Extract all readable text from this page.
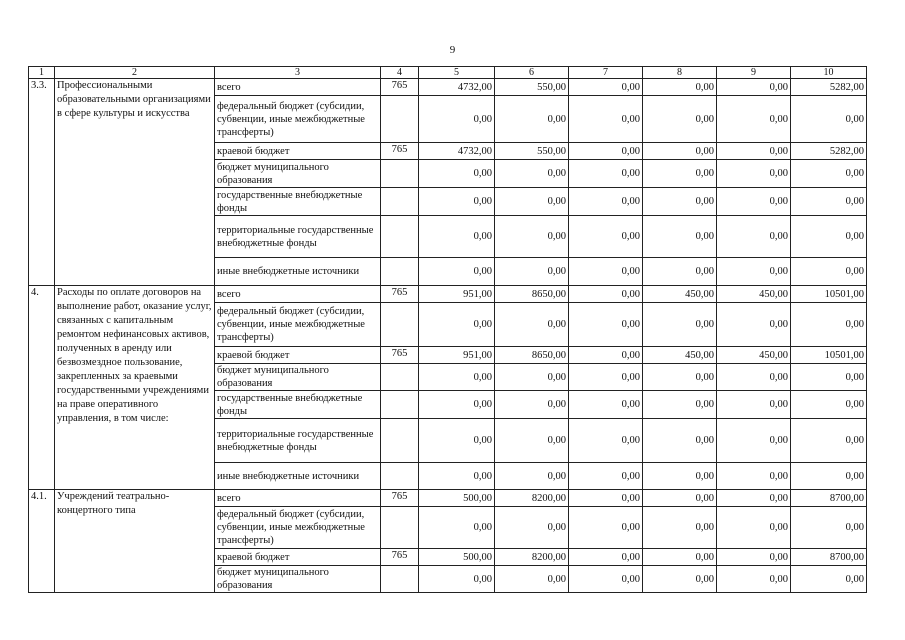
9
1	2	3	4	5	6	7	8	9	10
3.3.	Профессиональными образовательными организациями в сфере культуры и искусства	всего	765	4732,00	550,00	0,00	0,00	0,00	5282,00
		федеральный бюджет (субсидии, субвенции, иные межбюджетные трансферты)		0,00	0,00	0,00	0,00	0,00	0,00
		краевой бюджет	765	4732,00	550,00	0,00	0,00	0,00	5282,00
		бюджет муниципального образования		0,00	0,00	0,00	0,00	0,00	0,00
		государственные внебюджетные фонды		0,00	0,00	0,00	0,00	0,00	0,00
		территориальные государственные внебюджетные фонды		0,00	0,00	0,00	0,00	0,00	0,00
		иные внебюджетные источники		0,00	0,00	0,00	0,00	0,00	0,00
4.	Расходы по оплате договоров на выполнение работ, оказание услуг, связанных с капитальным ремонтом нефинансовых активов, полученных в аренду или безвозмездное пользование, закрепленных за краевыми государственными учреждениями на праве оперативного управления, в том числе:	всего	765	951,00	8650,00	0,00	450,00	450,00	10501,00
		федеральный бюджет (субсидии, субвенции, иные межбюджетные трансферты)		0,00	0,00	0,00	0,00	0,00	0,00
		краевой бюджет	765	951,00	8650,00	0,00	450,00	450,00	10501,00
		бюджет муниципального образования		0,00	0,00	0,00	0,00	0,00	0,00
		государственные внебюджетные фонды		0,00	0,00	0,00	0,00	0,00	0,00
		территориальные государственные внебюджетные фонды		0,00	0,00	0,00	0,00	0,00	0,00
		иные внебюджетные источники		0,00	0,00	0,00	0,00	0,00	0,00
4.1.	Учреждений театрально-концертного типа	всего	765	500,00	8200,00	0,00	0,00	0,00	8700,00
		федеральный бюджет (субсидии, субвенции, иные межбюджетные трансферты)		0,00	0,00	0,00	0,00	0,00	0,00
		краевой бюджет	765	500,00	8200,00	0,00	0,00	0,00	8700,00
		бюджет муниципального образования		0,00	0,00	0,00	0,00	0,00	0,00
